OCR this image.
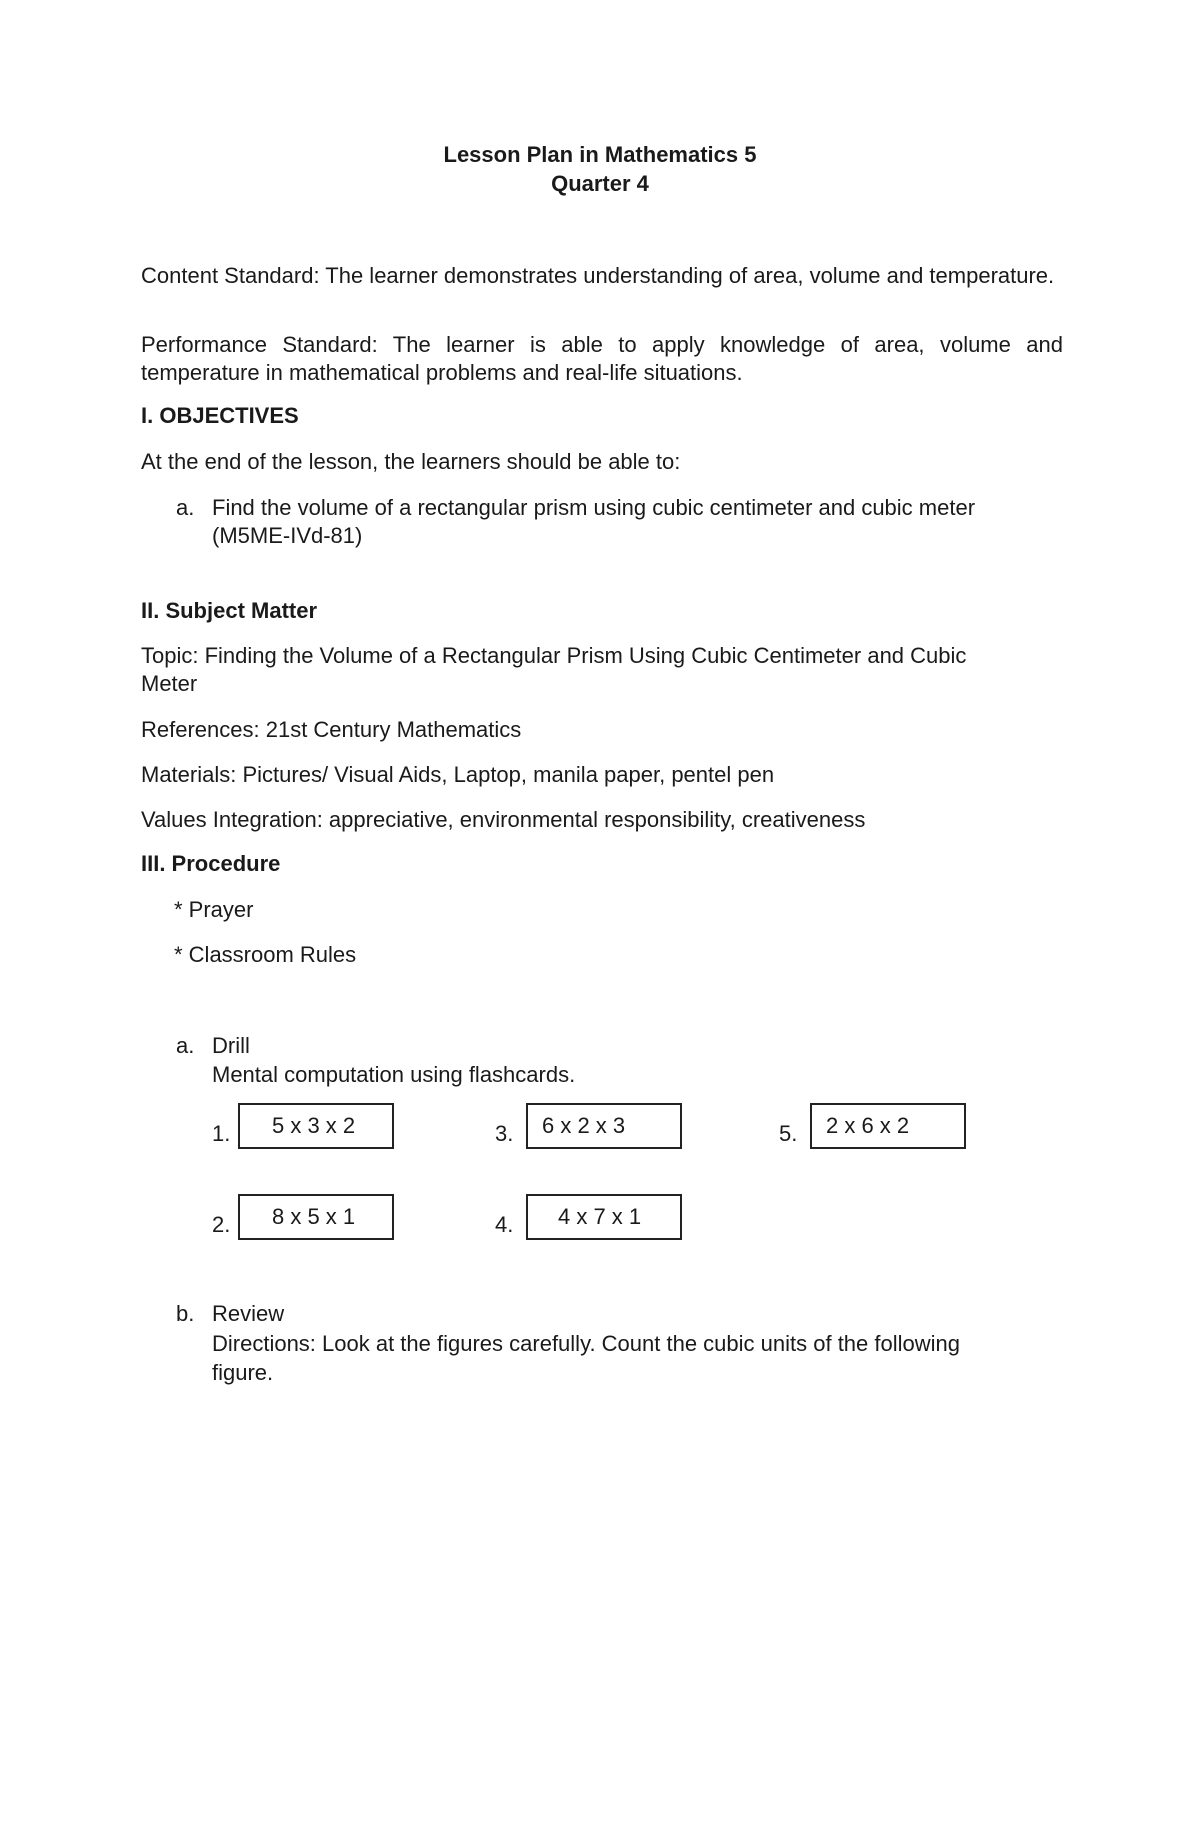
Lesson Plan in Mathematics 5
Quarter 4
Content Standard: The learner demonstrates understanding of area, volume and temperature.
Performance Standard: The learner is able to apply knowledge of area, volume and temperature in mathematical problems and real-life situations.
I. OBJECTIVES
At the end of the lesson, the learners should be able to:
a. Find the volume of a rectangular prism using cubic centimeter and cubic meter
(M5ME-IVd-81)
II. Subject Matter
Topic: Finding the Volume of a Rectangular Prism Using Cubic Centimeter and Cubic
Meter
References: 21st Century Mathematics
Materials: Pictures/ Visual Aids, Laptop, manila paper, pentel pen
Values Integration: appreciative, environmental responsibility, creativeness
III. Procedure
* Prayer
* Classroom Rules
a. Drill
Mental computation using flashcards.
1. 5 x 3 x 2
2. 8 x 5 x 1
3. 6 x 2 x 3
4. 4 x 7 x 1
5. 2 x 6 x 2
b. Review
Directions: Look at the figures carefully. Count the cubic units of the following
figure.
